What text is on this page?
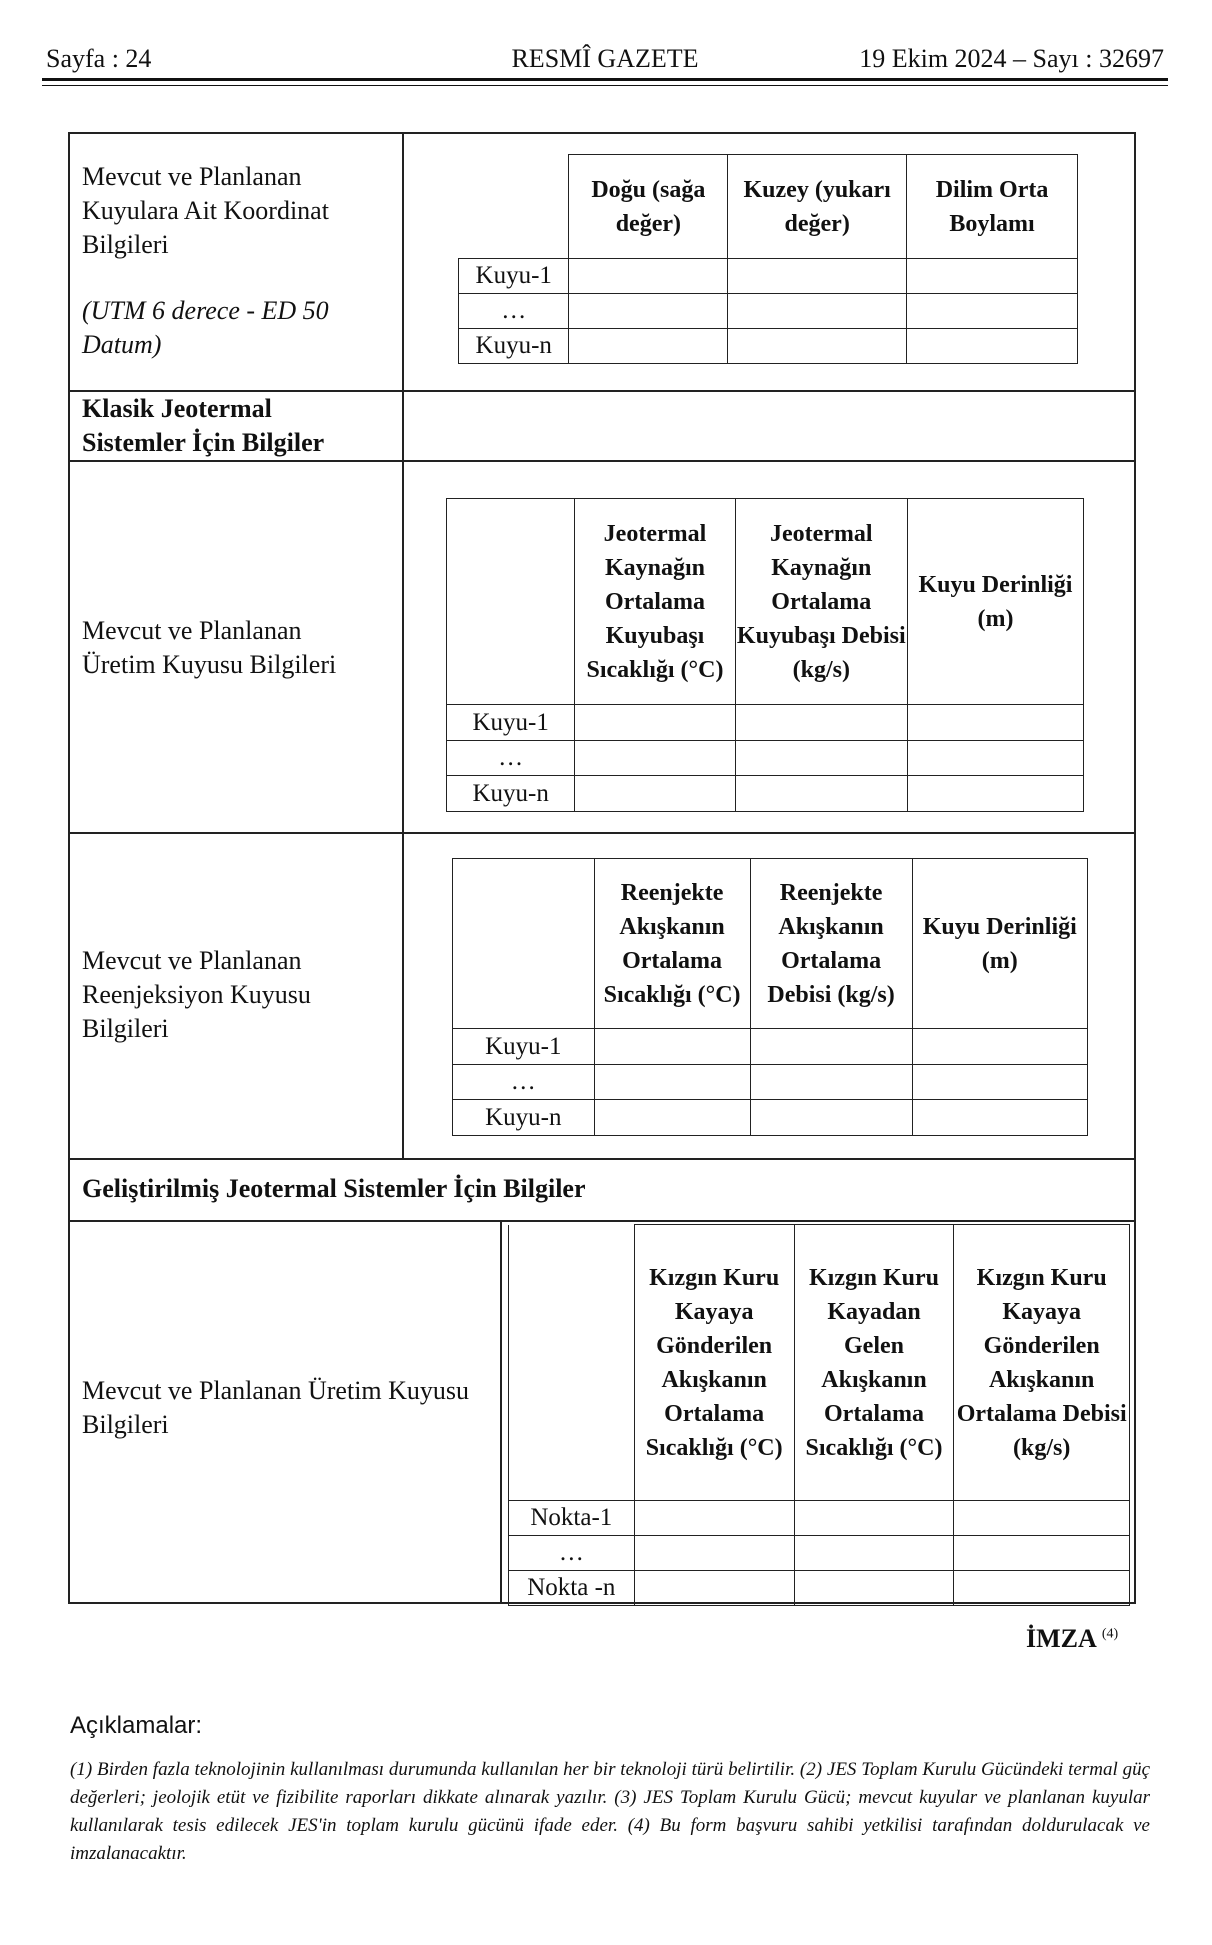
Sayfa : 24	RESMÎ GAZETE	19 Ekim 2024 – Sayı : 32697
Mevcut ve Planlanan
Kuyulara Ait Koordinat
Bilgileri
(UTM 6 derece - ED 50
Datum)
	Doğu (sağa değer)	Kuzey (yukarı değer)	Dilim Orta Boylamı
Kuyu-1			
…			
Kuyu-n			
Klasik Jeotermal
Sistemler İçin Bilgiler
Mevcut ve Planlanan
Üretim Kuyusu Bilgileri
	Jeotermal Kaynağın Ortalama Kuyubaşı Sıcaklığı (°C)	Jeotermal Kaynağın Ortalama Kuyubaşı Debisi (kg/s)	Kuyu Derinliği (m)
Kuyu-1			
…			
Kuyu-n			
Mevcut ve Planlanan
Reenjeksiyon Kuyusu
Bilgileri
	Reenjekte Akışkanın Ortalama Sıcaklığı (°C)	Reenjekte Akışkanın Ortalama Debisi (kg/s)	Kuyu Derinliği (m)
Kuyu-1			
…			
Kuyu-n			
Geliştirilmiş Jeotermal Sistemler İçin Bilgiler
Mevcut ve Planlanan Üretim Kuyusu
Bilgileri
	Kızgın Kuru Kayaya Gönderilen Akışkanın Ortalama Sıcaklığı (°C)	Kızgın Kuru Kayadan Gelen Akışkanın Ortalama Sıcaklığı (°C)	Kızgın Kuru Kayaya Gönderilen Akışkanın Ortalama Debisi (kg/s)
Nokta-1			
…			
Nokta -n			
İMZA $^{(4)}$
Açıklamalar:
(1) Birden fazla teknolojinin kullanılması durumunda kullanılan her bir teknoloji türü belirtilir. (2) JES Toplam Kurulu Gücündeki termal güç değerleri; jeolojik etüt ve fizibilite raporları dikkate alınarak yazılır. (3) JES Toplam Kurulu Gücü; mevcut kuyular ve planlanan kuyular kullanılarak tesis edilecek JES'in toplam kurulu gücünü ifade eder. (4) Bu form başvuru sahibi yetkilisi tarafından doldurulacak ve imzalanacaktır.
